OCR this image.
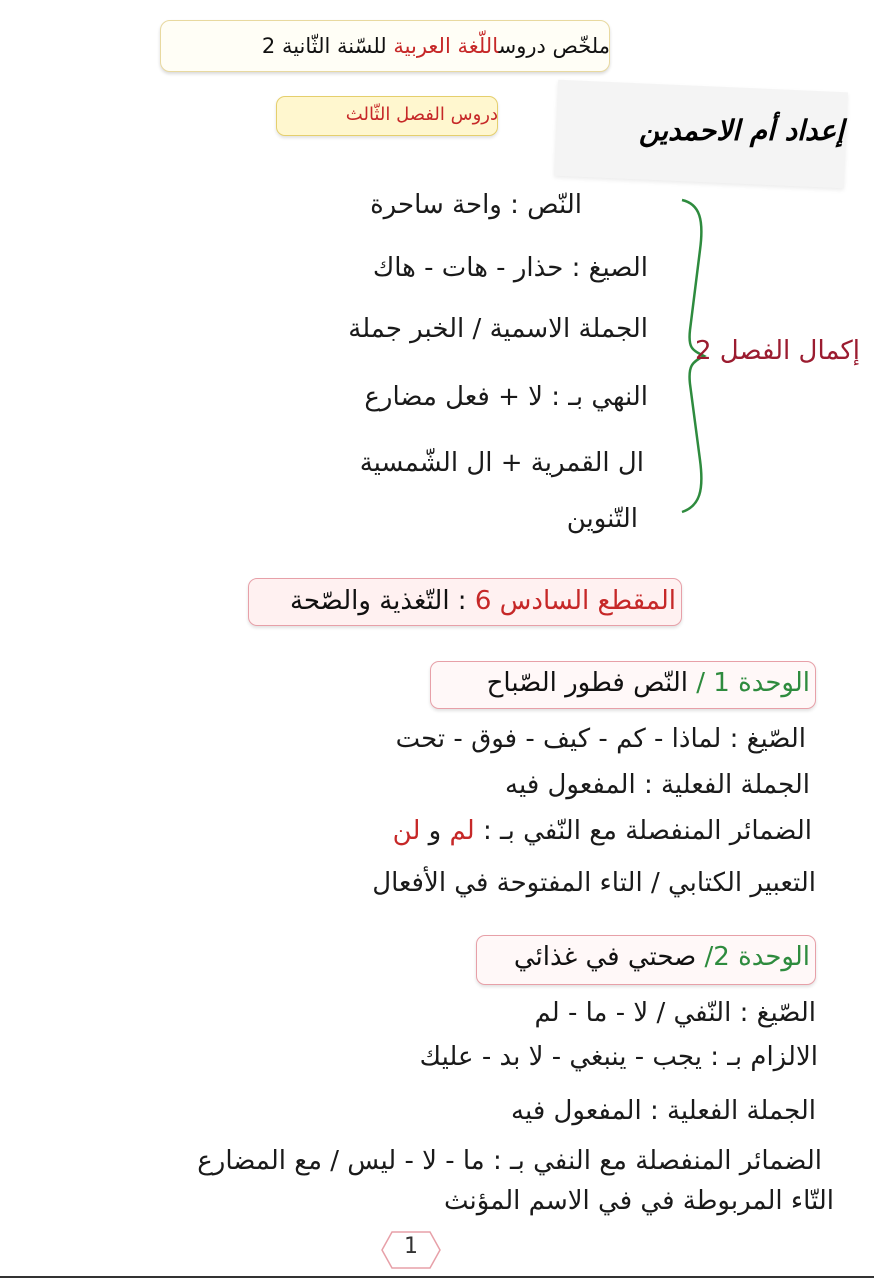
ملخّص دروساللّغة العربية للسّنة الثّانية 2
دروس الفصل الثّالث	إعداد أم الاحمدين
النّص : واحة ساحرة
الصيغ : حذار - هات - هاك
الجملة الاسمية / الخبر جملة
النهي بـ : لا + فعل مضارع
ال القمرية + ال الشّمسية
التّنوين
إكمال الفصل 2
المقطع السادس 6 : التّغذية والصّحة
الوحدة 1 / النّص فطور الصّباح
الصّيغ : لماذا - كم - كيف - فوق - تحت
الجملة الفعلية : المفعول فيه
الضمائر المنفصلة مع النّفي بـ : لم و لن
التعبير الكتابي / التاء المفتوحة في الأفعال
الوحدة 2/ صحتي في غذائي
الصّيغ : النّفي / لا - ما - لم
الالزام بـ : يجب - ينبغي - لا بد - عليك
الجملة الفعلية : المفعول فيه
الضمائر المنفصلة مع النفي بـ : ما - لا - ليس / مع المضارع
التّاء المربوطة في في الاسم المؤنث
1
